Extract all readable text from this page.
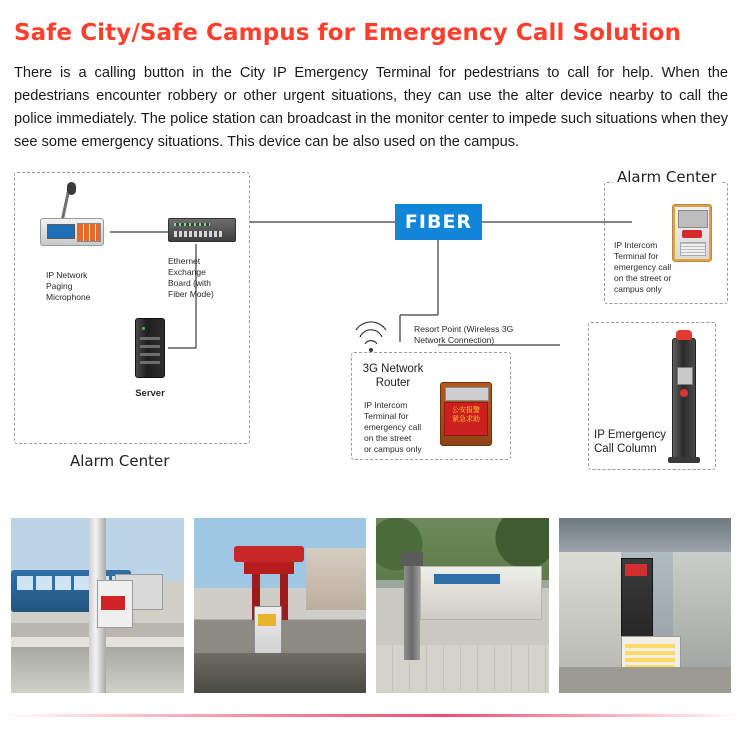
Safe City/Safe Campus for Emergency Call Solution
There is a calling button in the City IP Emergency Terminal for pedestrians to call for help. When the pedestrians encounter robbery or other urgent situations, they can use the alter device nearby to call the police immediately. The police station can broadcast in the monitor center to impede such situations when they see some emergency situations. This device can be also used on the campus.
Alarm Center
IP Network
Paging
Microphone
Ethernet
Exchange
Board (with
Fiber Mode)
Server
FIBER
Alarm Center
IP Intercom
Terminal for
emergency call
on the street or
campus only
Resort Point (Wireless 3G
Network Connection)
3G Network
Router
IP Intercom
Terminal for
emergency call
on the street
or campus only
公安报警
紧急求助
IP Emergency
Call Column
